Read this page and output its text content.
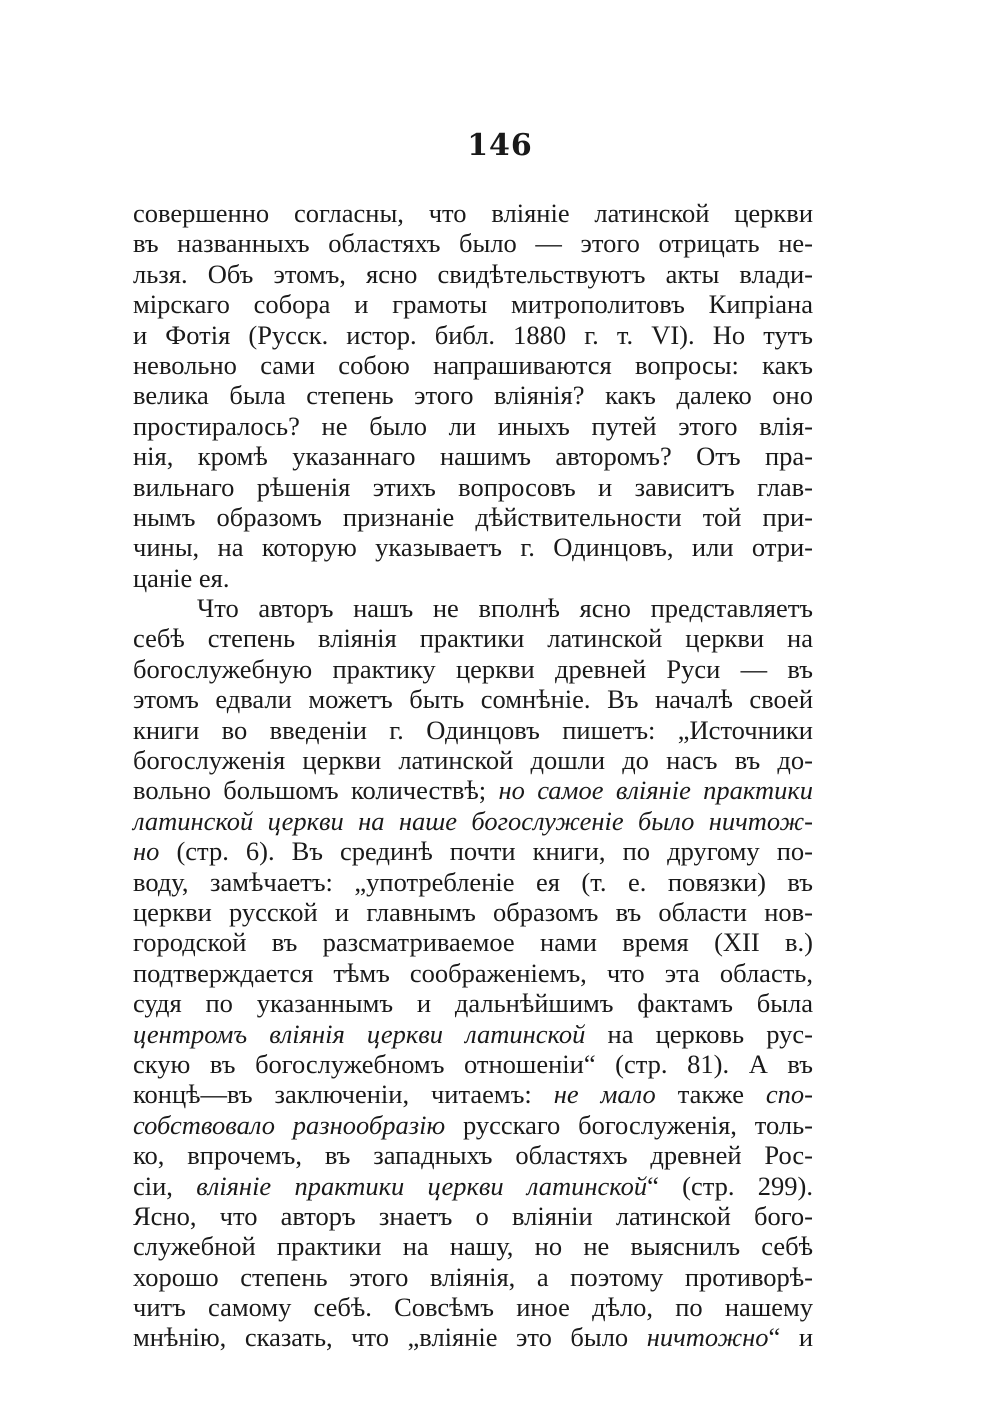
146
совершенно согласны, что вліяніе латинской церкви
въ названныхъ областяхъ было — этого отрицать не-
льзя. Объ этомъ, ясно свидѣтельствуютъ акты влади-
мірскаго собора и грамоты митрополитовъ Кипріана
и Фотія (Русск. истор. библ. 1880 г. т. VI). Но тутъ
невольно сами собою напрашиваются вопросы: какъ
велика была степень этого вліянія? какъ далеко оно
простиралось? не было ли иныхъ путей этого влія-
нія, кромѣ указаннаго нашимъ авторомъ? Отъ пра-
вильнаго рѣшенія этихъ вопросовъ и зависитъ глав-
нымъ образомъ признаніе дѣйствительности той при-
чины, на которую указываетъ г. Одинцовъ, или отри-
цаніе ея.
Что авторъ нашъ не вполнѣ ясно представляетъ
себѣ степень вліянія практики латинской церкви на
богослужебную практику церкви древней Руси — въ
этомъ едвали можетъ быть сомнѣніе. Въ началѣ своей
книги во введеніи г. Одинцовъ пишетъ: „Источники
богослуженія церкви латинской дошли до насъ въ до-
вольно большомъ количествѣ; но самое вліяніе практики
латинской церкви на наше богослуженіе было ничтож-
но (стр. 6). Въ срединѣ почти книги, по другому по-
воду, замѣчаетъ: „употребленіе ея (т. е. повязки) въ
церкви русской и главнымъ образомъ въ области нов-
городской въ разсматриваемое нами время (XII в.)
подтверждается тѣмъ соображеніемъ, что эта область,
судя по указаннымъ и дальнѣйшимъ фактамъ была
центромъ вліянія церкви латинской на церковь рус-
скую въ богослужебномъ отношеніи“ (стр. 81). А въ
концѣ—въ заключеніи, читаемъ: не мало также спо-
собствовало разнообразію русскаго богослуженія, толь-
ко, впрочемъ, въ западныхъ областяхъ древней Рос-
сіи, вліяніе практики церкви латинской“ (стр. 299).
Ясно, что авторъ знаетъ о вліяніи латинской бого-
служебной практики на нашу, но не выяснилъ себѣ
хорошо степень этого вліянія, а поэтому противорѣ-
читъ самому себѣ. Совсѣмъ иное дѣло, по нашему
мнѣнію, сказать, что „вліяніе это было ничтожно“ и
